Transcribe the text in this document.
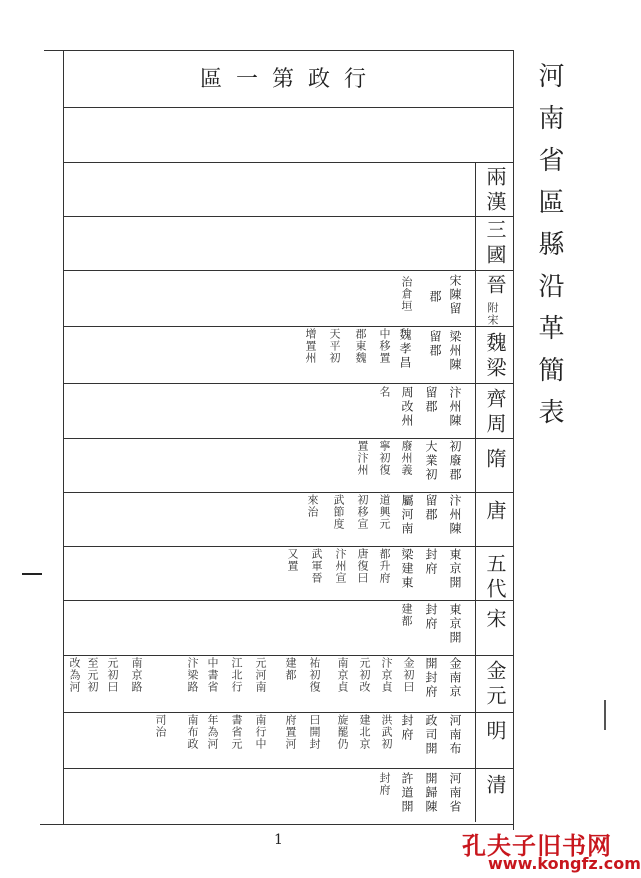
河南省區縣沿革簡表
行政第一區
兩漢
三國
晉
附宋
魏梁
齊周
隋
唐
五代
宋
金元
明
清
宋陳留
郡
治倉垣
梁州陳
留郡
魏孝昌
中移置
郡東魏
天平初
增置州
汴州陳
留郡
周改州
名
初廢郡
大業初
廢州義
寧初復
置汴州
汴州陳
留郡
屬河南
道興元
初移宣
武節度
來治
東京開
封府
梁建東
都升府
唐復曰
汴州宣
武軍晉
又置
東京開
封府
建都
金南京
開封府
金初曰
汴京貞
元初改
南京貞
祐初復
建都
元河南
江北行
中書省
汴梁路
南京路
元初曰
至元初
改為河
河南布
政司開
封府
洪武初
建北京
旋罷仍
曰開封
府置河
南行中
書省元
年為河
南布政
司治
河南省
開歸陳
許道開
封府
1	孔夫子旧书网
www.kongfz.com
